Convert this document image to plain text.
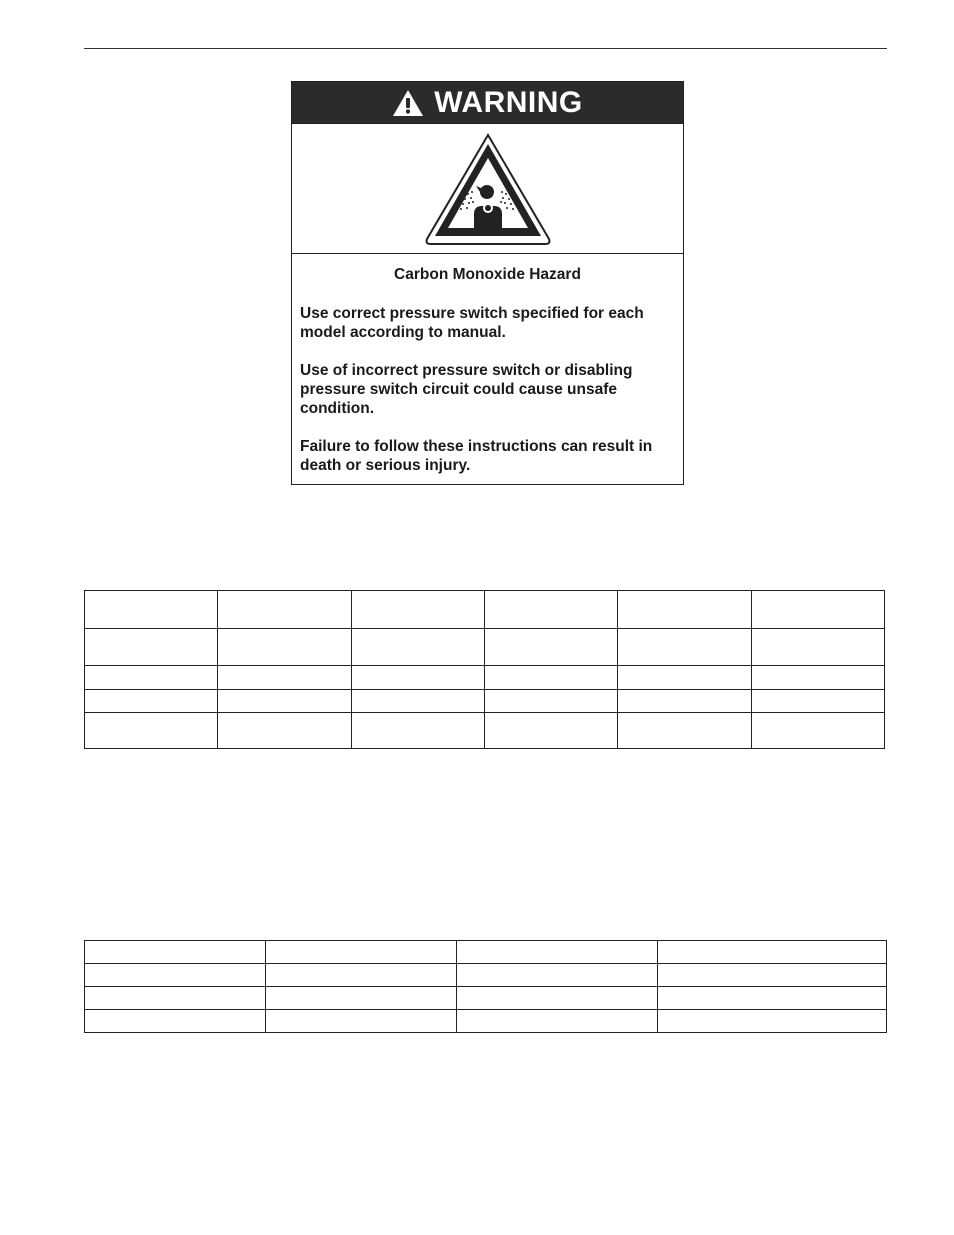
WARNING
Carbon Monoxide Hazard

Use correct pressure switch specified for each model according to manual.

Use of incorrect pressure switch or disabling pressure switch circuit could cause unsafe condition.

Failure to follow these instructions can result in death or serious injury.
